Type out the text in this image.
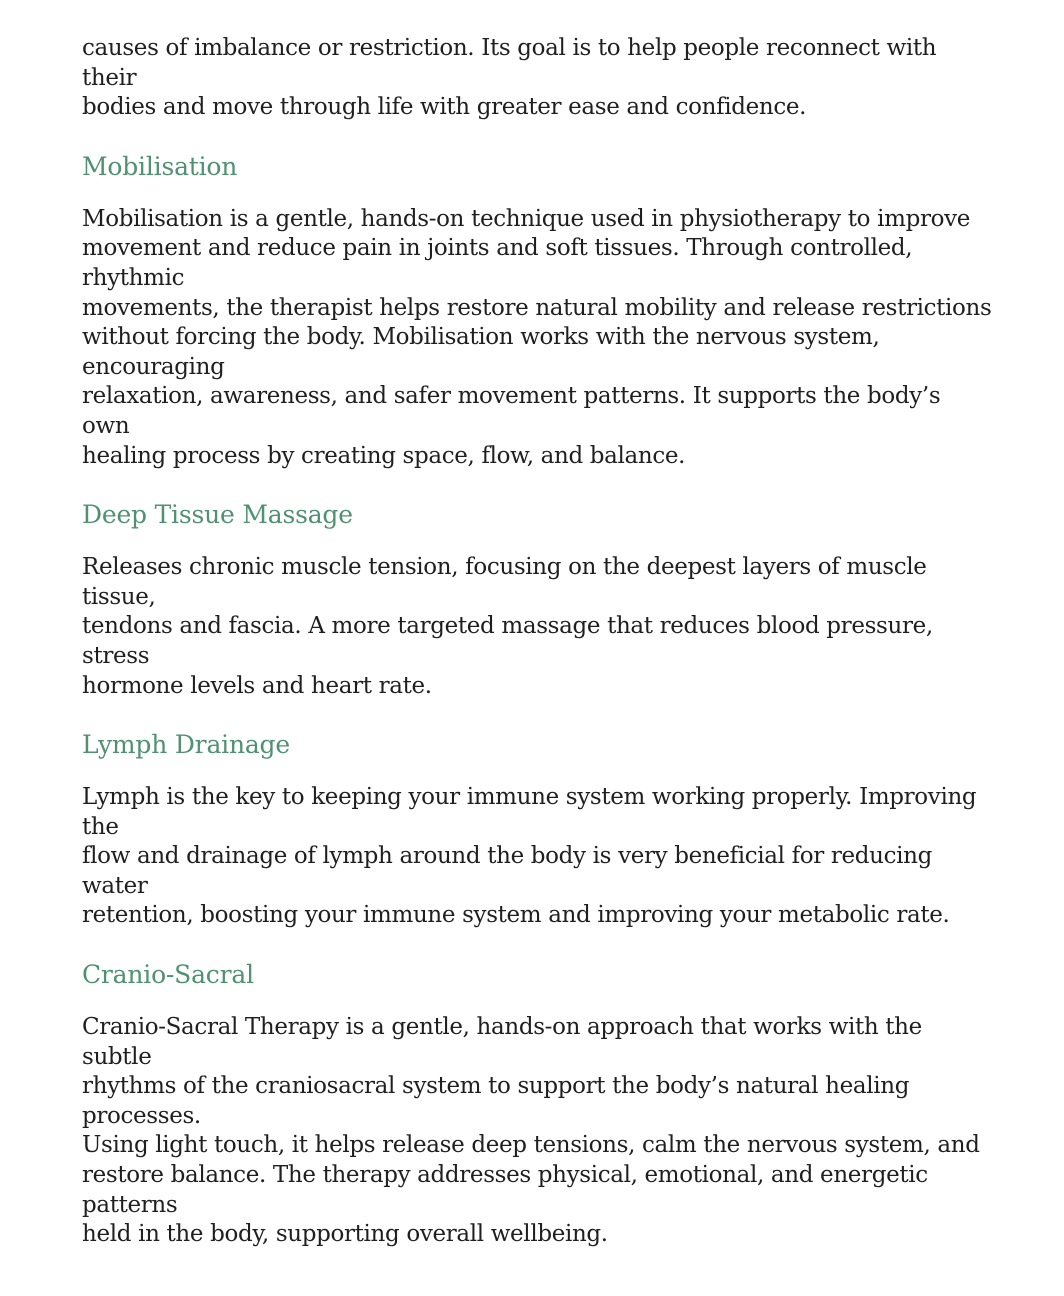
causes of imbalance or restriction. Its goal is to help people reconnect with their
bodies and move through life with greater ease and confidence.

Mobilisation

Mobilisation is a gentle, hands-on technique used in physiotherapy to improve
movement and reduce pain in joints and soft tissues. Through controlled, rhythmic
movements, the therapist helps restore natural mobility and release restrictions
without forcing the body. Mobilisation works with the nervous system, encouraging
relaxation, awareness, and safer movement patterns. It supports the body’s own
healing process by creating space, flow, and balance.

Deep Tissue Massage

Releases chronic muscle tension, focusing on the deepest layers of muscle tissue,
tendons and fascia. A more targeted massage that reduces blood pressure, stress
hormone levels and heart rate.

Lymph Drainage

Lymph is the key to keeping your immune system working properly. Improving the
flow and drainage of lymph around the body is very beneficial for reducing water
retention, boosting your immune system and improving your metabolic rate.

Cranio-Sacral

Cranio-Sacral Therapy is a gentle, hands-on approach that works with the subtle
rhythms of the craniosacral system to support the body’s natural healing processes.
Using light touch, it helps release deep tensions, calm the nervous system, and
restore balance. The therapy addresses physical, emotional, and energetic patterns
held in the body, supporting overall wellbeing.
